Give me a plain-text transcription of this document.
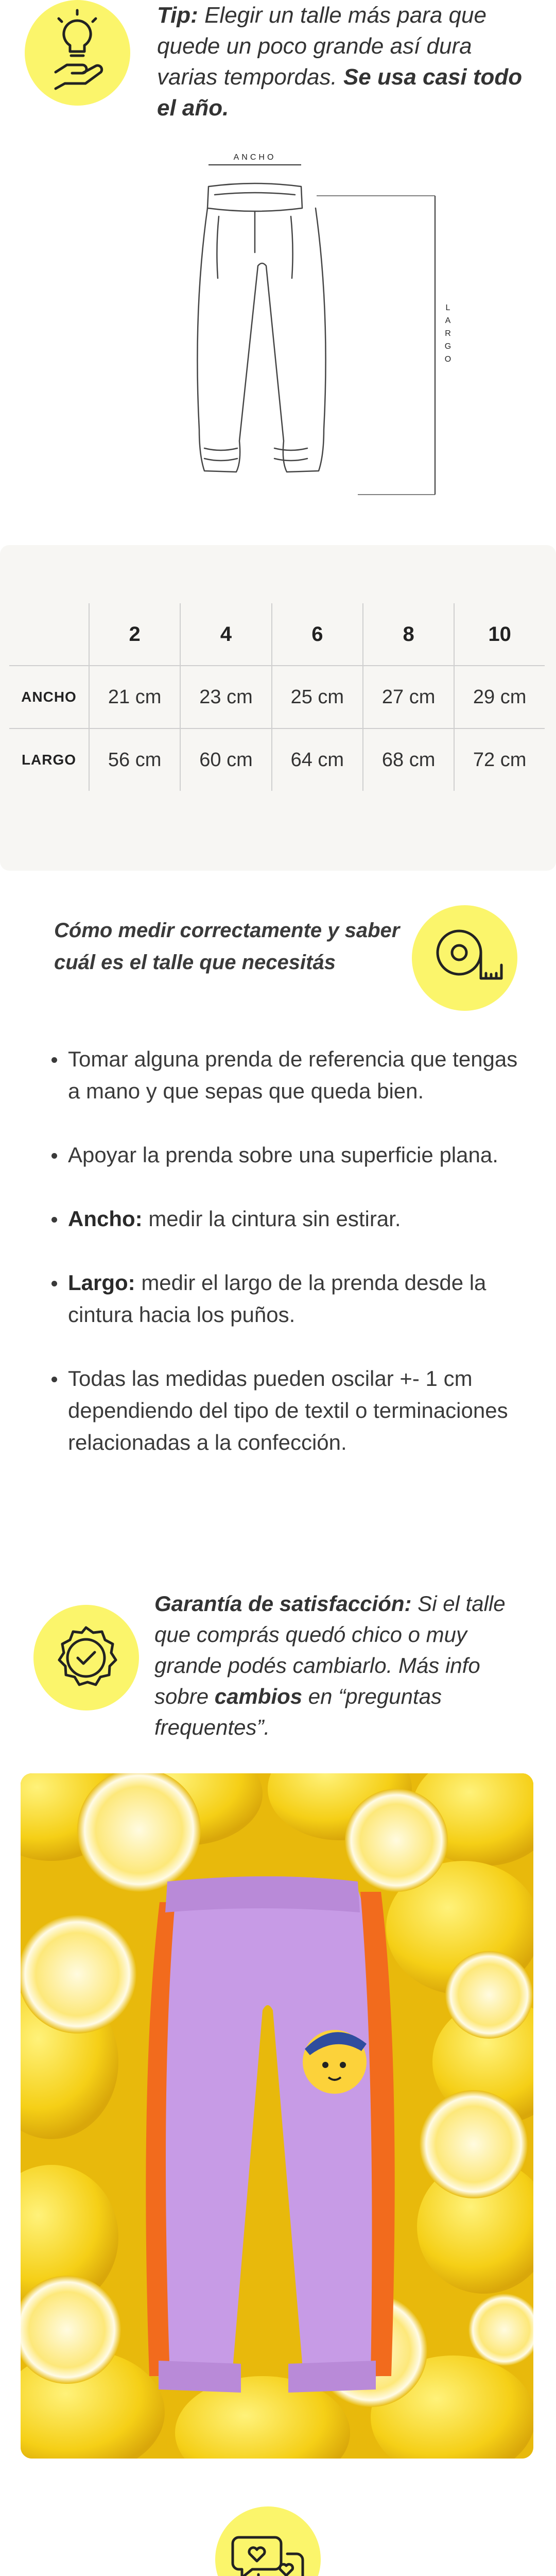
Tip: Elegir un talle más para que quede un poco grande así dura varias tempordas. Se usa casi todo el año.
ANCHO
L
A
R
G
O
	2	4	6	8	10
ANCHO	21 cm	23 cm	25 cm	27 cm	29 cm
LARGO	56 cm	60 cm	64 cm	68 cm	72 cm
Cómo medir correctamente y saber cuál es el talle que necesitás
Tomar alguna prenda de referencia que tengas a mano y que sepas que queda bien.
Apoyar la prenda sobre una superficie plana.
Ancho: medir la cintura sin estirar.
Largo: medir el largo de la prenda desde la cintura hacia los puños.
Todas las medidas pueden oscilar +- 1 cm dependiendo del tipo de textil o terminaciones relacionadas a la confección.
Garantía de satisfacción: Si el talle que comprás quedó chico o muy grande podés cambiarlo. Más info sobre cambios en “preguntas frequentes”.
